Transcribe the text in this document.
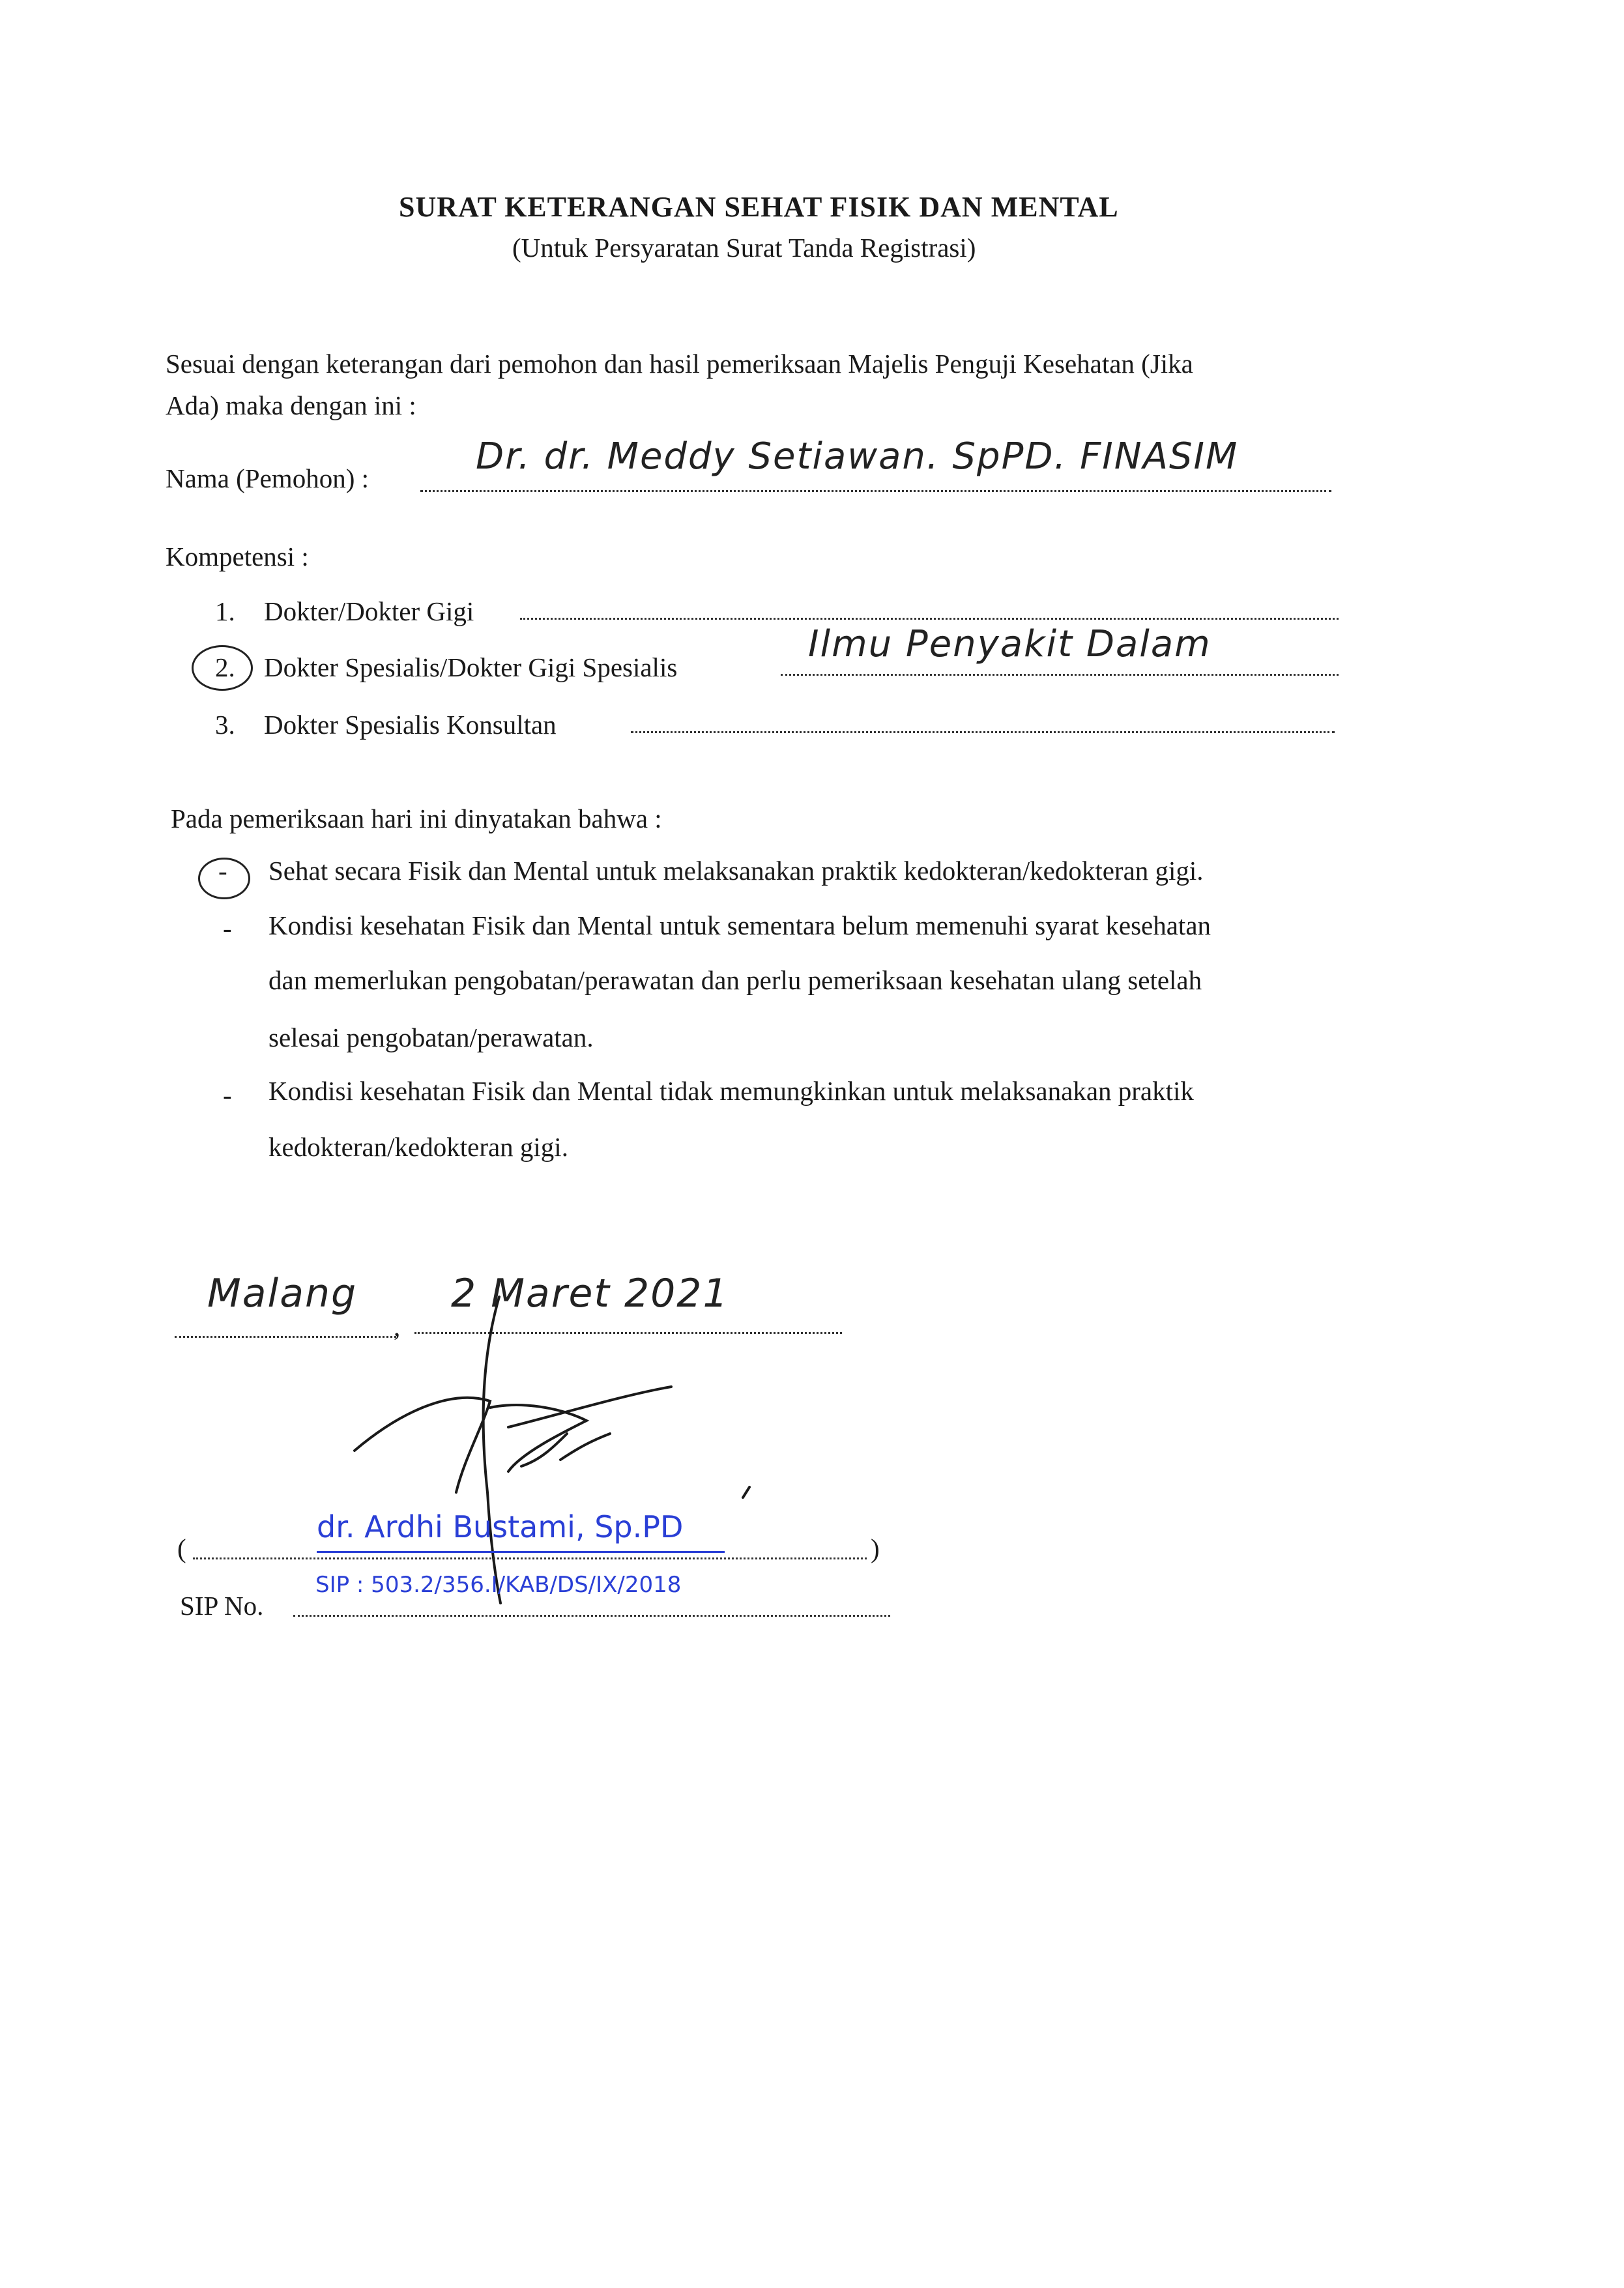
SURAT KETERANGAN SEHAT FISIK DAN MENTAL
(Untuk Persyaratan Surat Tanda Registrasi)
Sesuai dengan keterangan dari pemohon dan hasil pemeriksaan Majelis Penguji Kesehatan (Jika
Ada) maka dengan ini :
Nama (Pemohon) :
Dr. dr. Meddy Setiawan. SpPD. FINASIM
Kompetensi :
1. Dokter/Dokter Gigi
2. Dokter Spesialis/Dokter Gigi Spesialis
Ilmu Penyakit Dalam
3. Dokter Spesialis Konsultan
Pada pemeriksaan hari ini dinyatakan bahwa :
- Sehat secara Fisik dan Mental untuk melaksanakan praktik kedokteran/kedokteran gigi.
- Kondisi kesehatan Fisik dan Mental untuk sementara belum memenuhi syarat kesehatan
dan memerlukan pengobatan/perawatan dan perlu pemeriksaan kesehatan ulang setelah
selesai pengobatan/perawatan.
- Kondisi kesehatan Fisik dan Mental tidak memungkinkan untuk melaksanakan praktik
kedokteran/kedokteran gigi.
,
Malang 2 Maret 2021
(	)
dr. Ardhi Bustami, Sp.PD
SIP No.
SIP : 503.2/356.I/KAB/DS/IX/2018
